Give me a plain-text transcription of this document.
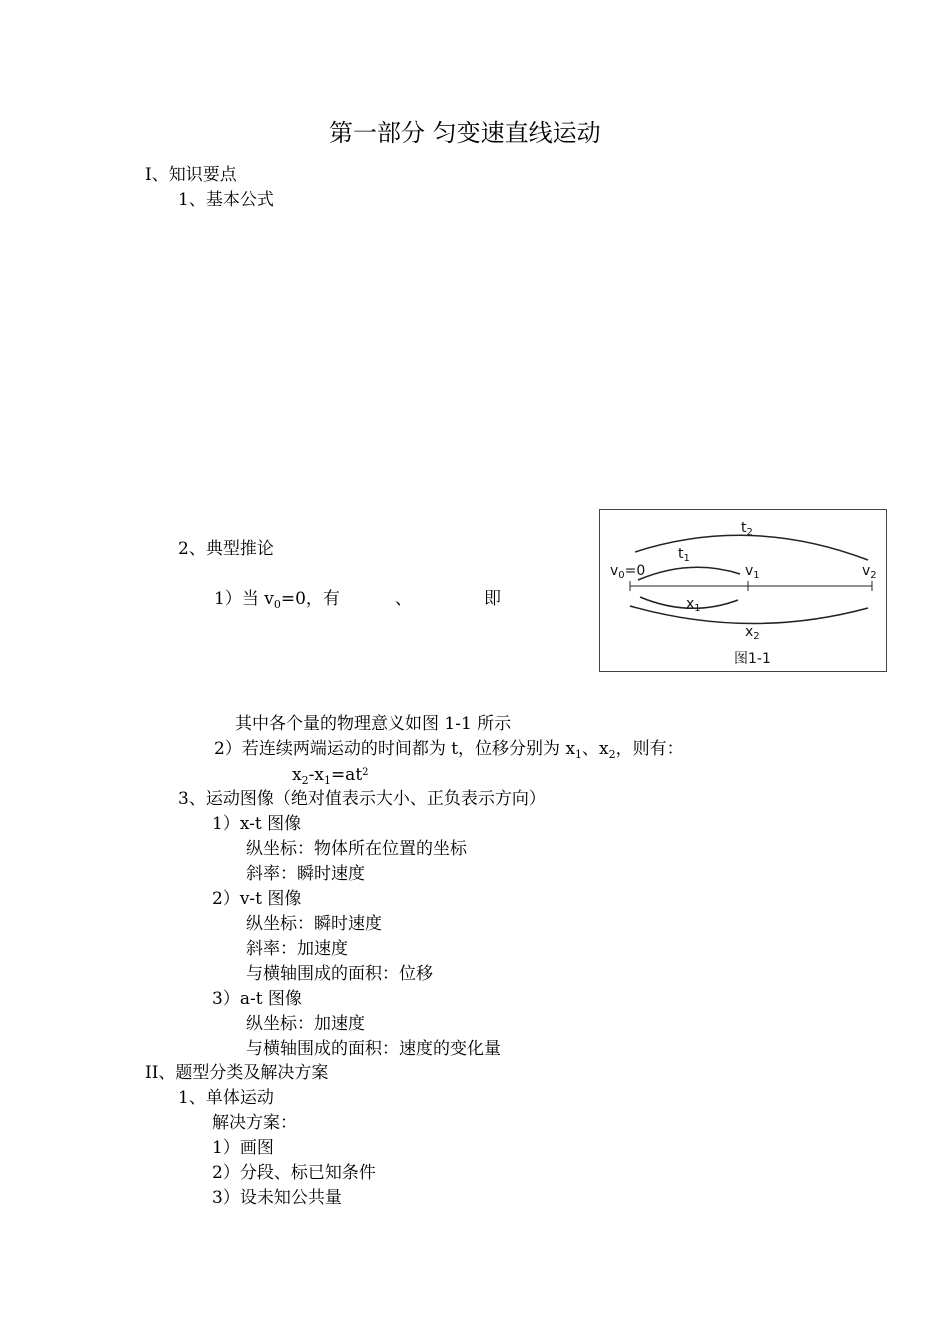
第一部分 匀变速直线运动
I、知识要点
1、基本公式
2、典型推论
1）当 $v_0=0$，有	、	即
$t_2$
$t_1$
$v_0=0$	$v_1$	$v_2$
$x_1$
$x_2$
图1-1
其中各个量的物理意义如图 1-1 所示
2）若连续两端运动的时间都为 t，位移分别为 $x_1$、$x_2$，则有：
$x_2-x_1=at^2$
3、运动图像（绝对值表示大小、正负表示方向）
1）x-t 图像
纵坐标：物体所在位置的坐标
斜率：瞬时速度
2）v-t 图像
纵坐标：瞬时速度
斜率：加速度
与横轴围成的面积：位移
3）a-t 图像
纵坐标：加速度
与横轴围成的面积：速度的变化量
II、题型分类及解决方案
1、单体运动
解决方案：
1）画图
2）分段、标已知条件
3）设未知公共量
